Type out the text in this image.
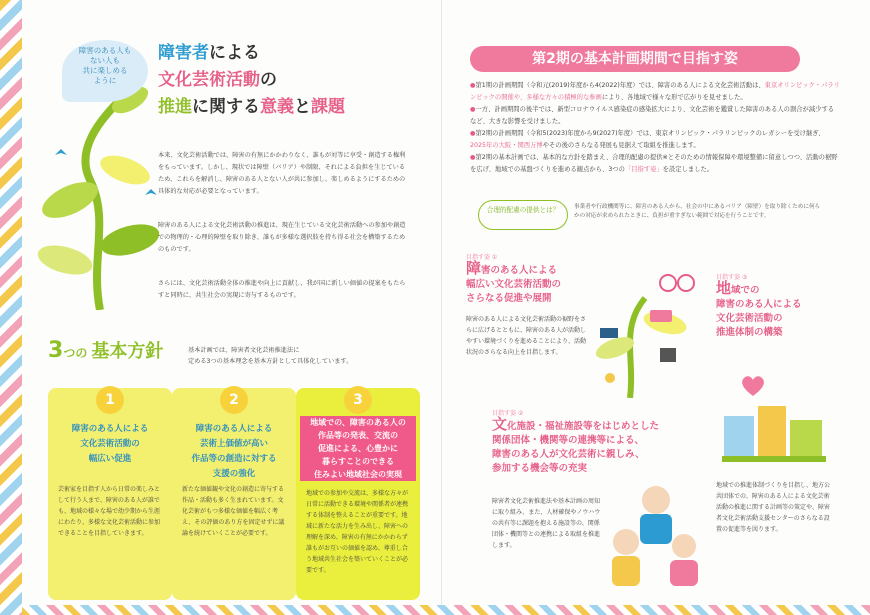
障害のある人も
ない人も
共に楽しめる
ように
障害者による
文化芸術活動の
推進に関する意義と課題
本来、文化芸術活動では、障害の有無にかかわりなく、誰もが対等に享受・創造する権利をもっています。しかし、現状では障壁（バリア）や制限、それによる負担を生じているため、これらを解消し、障害のある人とない人が共に参加し、楽しめるようにするための具体的な対応が必要となっています。
障害のある人による文化芸術活動の推進は、現在生じている文化芸術活動への参加や創造での物理的・心理的障壁を取り除き、誰もが多様な選択肢を持ち得る社会を構築するためのものです。
さらには、文化芸術活動全体の推進や向上に貢献し、我が国に新しい価値の提案をもたらすと同時に、共生社会の実現に寄与するものです。
3つの 基本方針	基本計画では、障害者文化芸術推進法に
定める3つの基本理念を基本方針として具体化しています。
1
障害のある人による
文化芸術活動の
幅広い促進
芸術家を目指す人から日常の楽しみとして行う人まで、障害のある人が誰でも、地域の様々な場で幼少期から生涯にわたり、多様な文化芸術活動に参加できることを目指していきます。
2
障害のある人による
芸術上価値が高い
作品等の創造に対する
支援の強化
新たな価値観や文化の創造に寄与する作品・活動も多く生まれています。文化芸術がもつ多様な価値を幅広く考え、その評価のあり方を固定せずに議論を続けていくことが必要です。
3
地域での、障害のある人の
作品等の発表、交流の
促進による、心豊かに
暮らすことのできる
住みよい地域社会の実現
地域での参加や交流は、多様な方々が日常に活動できる環境や関係者が連携する体制を整えることが重要です。地域に新たな活力を生み出し、障害への理解を深め、障害の有無にかかわらず誰もがお互いの価値を認め、尊重し合う地域共生社会を築いていくことが必要です。
第2期の基本計画期間で目指す姿

●第1期の計画期間（令和元(2019)年度から4(2022)年度）では、障害のある人による文化芸術活動は、東京オリンピック・パラリンピックの開催や、多様な方々の積極的な参画により、各地域で様々な形で広がりを見せました。

●一方、計画期間の後半では、新型コロナウイルス感染症の感染拡大により、文化芸術を鑑賞した障害のある人の割合が減少するなど、大きな影響を受けました。

●第2期の計画期間（令和5(2023)年度から9(2027)年度）では、東京オリンピック・パラリンピックのレガシーを受け継ぎ、2025年の大阪・関西万博やその後のさらなる発展も見据えて取組を推進します。

●第2期の基本計画では、基本的な方針を踏まえ、合理的配慮の提供※とそのための情報保障や環境整備に留意しつつ、活動の裾野を広げ、地域での基盤づくりを進める観点から、3つの「目指す姿」を設定しました。

合理的配慮の提供とは？	事業者や行政機関等に、障害のある人から、社会の中にあるバリア（障壁）を取り除くために何らかの対応が求められたときに、負担が重すぎない範囲で対応を行うことです。
目指す姿 ①
障害のある人による
幅広い文化芸術活動の
さらなる促進や展開
障害のある人による文化芸術活動の裾野をさらに広げるとともに、障害のある人が活動しやすい環境づくりを進めることにより、活動状況のさらなる向上を目指します。
目指す姿 ②
文化施設・福祉施設等をはじめとした
関係団体・機関等の連携等による、
障害のある人が文化芸術に親しみ、
参加する機会等の充実
障害者文化芸術推進法や基本計画の周知に取り組み、また、人材確保やノウハウの共有等に課題を抱える施設等の、関係団体・機関等との連携による取組を推進します。
目指す姿 ③
地域での
障害のある人による
文化芸術活動の
推進体制の構築
地域での推進体制づくりを目指し、地方公共団体での、障害のある人による文化芸術活動の推進に関する計画等の策定や、障害者文化芸術活動支援センターのさらなる設置の促進等を図ります。
